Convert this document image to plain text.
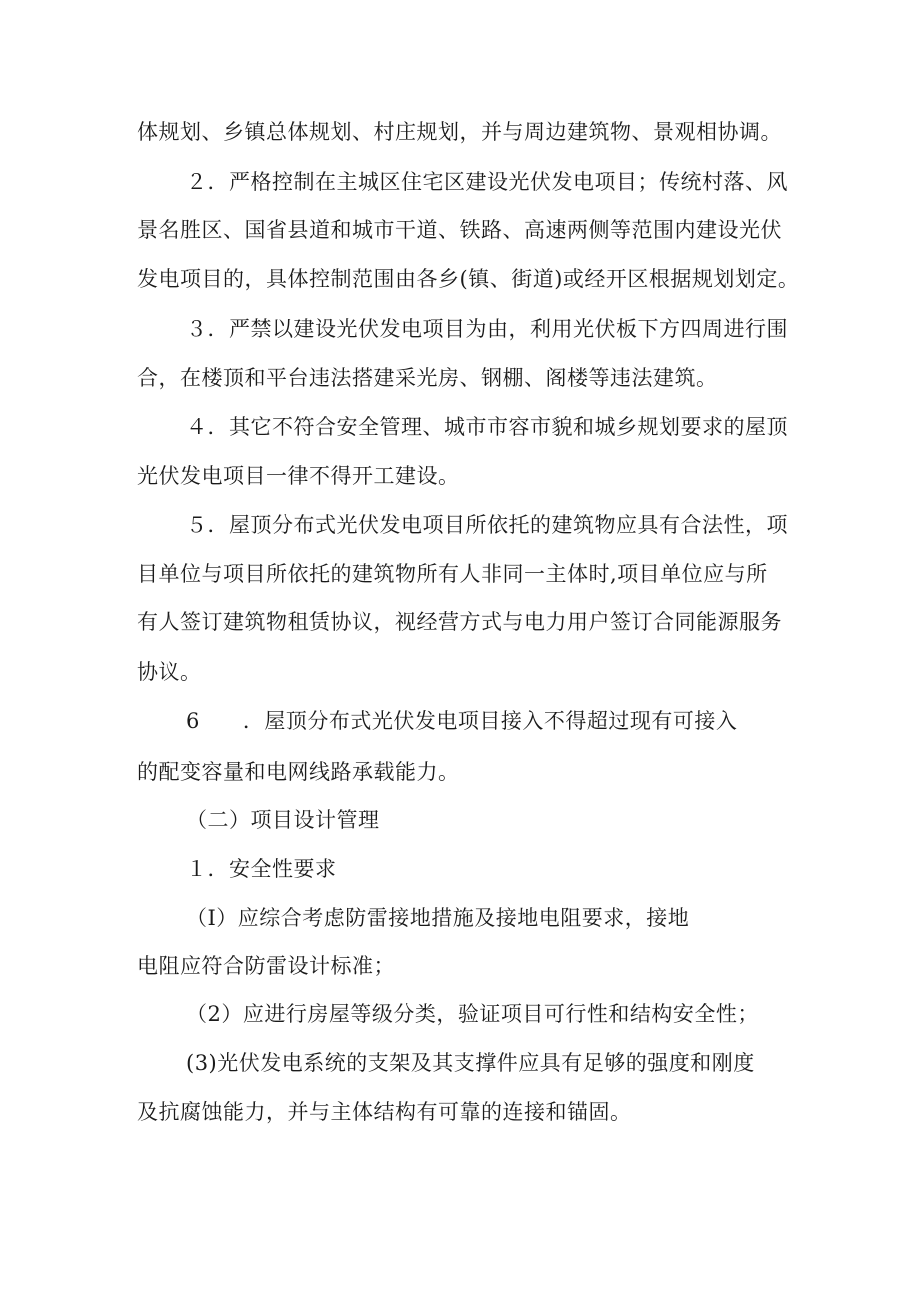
体规划、乡镇总体规划、村庄规划，并与周边建筑物、景观相协调。
２．严格控制在主城区住宅区建设光伏发电项目；传统村落、风
景名胜区、国省县道和城市干道、铁路、高速两侧等范围内建设光伏
发电项目的，具体控制范围由各乡(镇、街道)或经开区根据规划划定。
３．严禁以建设光伏发电项目为由，利用光伏板下方四周进行围
合，在楼顶和平台违法搭建采光房、钢棚、阁楼等违法建筑。
４．其它不符合安全管理、城市市容市貌和城乡规划要求的屋顶
光伏发电项目一律不得开工建设。
５．屋顶分布式光伏发电项目所依托的建筑物应具有合法性，项
目单位与项目所依托的建筑物所有人非同一主体时,项目单位应与所
有人签订建筑物租赁协议，视经营方式与电力用户签订合同能源服务
协议。
6　　．屋顶分布式光伏发电项目接入不得超过现有可接入
的配变容量和电网线路承载能力。
（二）项目设计管理
１．安全性要求
（I）应综合考虑防雷接地措施及接地电阻要求，接地
电阻应符合防雷设计标准；
（2）应进行房屋等级分类，验证项目可行性和结构安全性；
(3)光伏发电系统的支架及其支撑件应具有足够的强度和刚度
及抗腐蚀能力，并与主体结构有可靠的连接和锚固。
